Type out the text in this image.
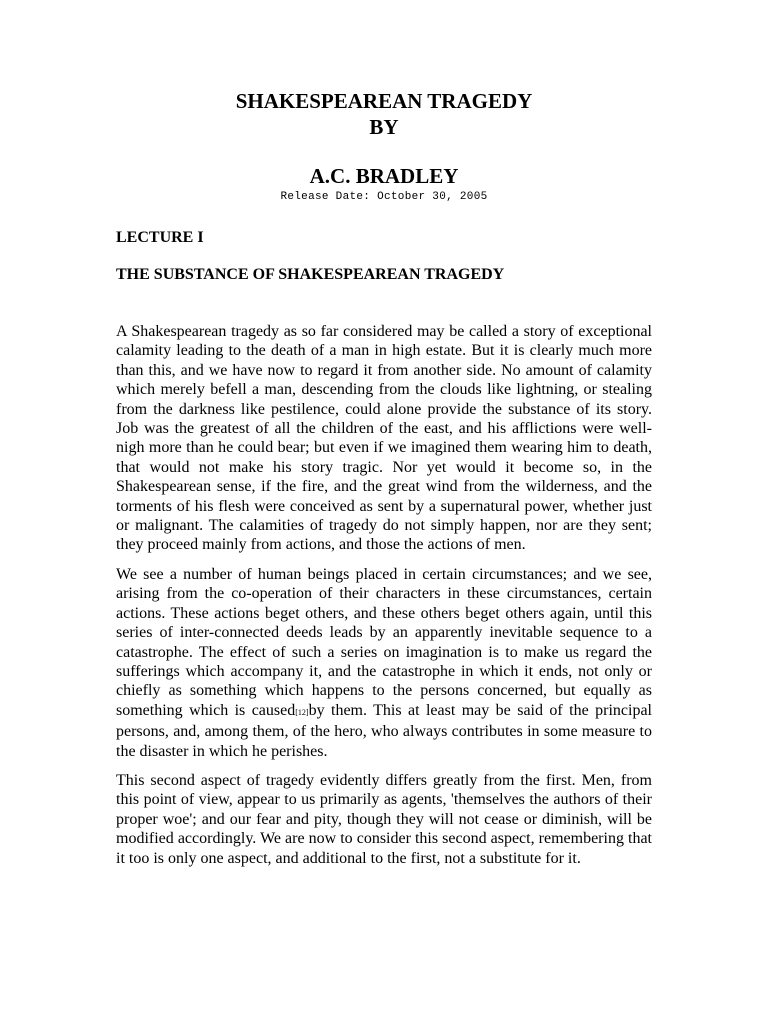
SHAKESPEAREAN TRAGEDY
BY
A.C. BRADLEY
Release Date: October 30, 2005
LECTURE I
THE SUBSTANCE OF SHAKESPEAREAN TRAGEDY

A Shakespearean tragedy as so far considered may be called a story of exceptional calamity leading to the death of a man in high estate. But it is clearly much more than this, and we have now to regard it from another side. No amount of calamity which merely befell a man, descending from the clouds like lightning, or stealing from the darkness like pestilence, could alone provide the substance of its story. Job was the greatest of all the children of the east, and his afflictions were well-nigh more than he could bear; but even if we imagined them wearing him to death, that would not make his story tragic. Nor yet would it become so, in the Shakespearean sense, if the fire, and the great wind from the wilderness, and the torments of his flesh were conceived as sent by a supernatural power, whether just or malignant. The calamities of tragedy do not simply happen, nor are they sent; they proceed mainly from actions, and those the actions of men.

We see a number of human beings placed in certain circumstances; and we see, arising from the co-operation of their characters in these circumstances, certain actions. These actions beget others, and these others beget others again, until this series of inter-connected deeds leads by an apparently inevitable sequence to a catastrophe. The effect of such a series on imagination is to make us regard the sufferings which accompany it, and the catastrophe in which it ends, not only or chiefly as something which happens to the persons concerned, but equally as something which is caused[12]by them. This at least may be said of the principal persons, and, among them, of the hero, who always contributes in some measure to the disaster in which he perishes.

This second aspect of tragedy evidently differs greatly from the first. Men, from this point of view, appear to us primarily as agents, 'themselves the authors of their proper woe'; and our fear and pity, though they will not cease or diminish, will be modified accordingly. We are now to consider this second aspect, remembering that it too is only one aspect, and additional to the first, not a substitute for it.
